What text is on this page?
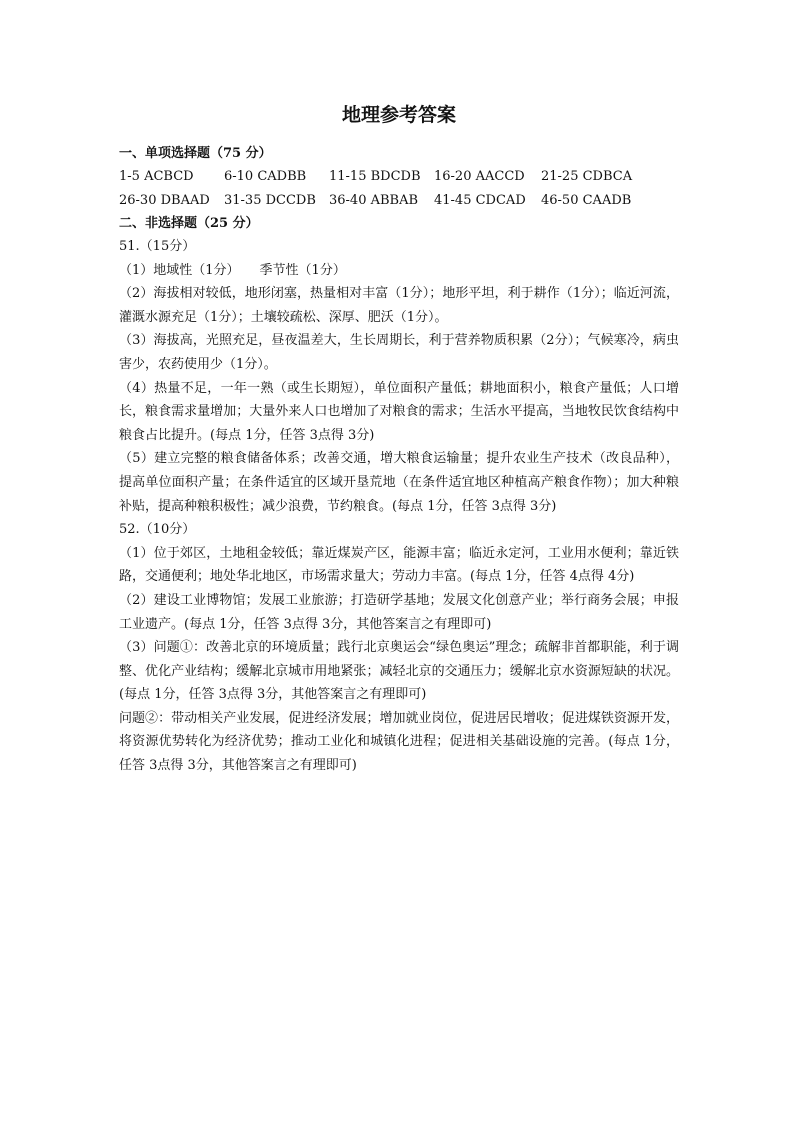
地理参考答案
一、单项选择题（75 分）
1-5 ACBCD	6-10 CADBB	11-15 BDCDB	16-20 AACCD	21-25 CDBCA
26-30 DBAAD	31-35 DCCDB	36-40 ABBAB	41-45 CDCAD	46-50 CAADB
二、非选择题（25 分）
51.（15分）
（1）地域性（1分） 季节性（1分）
（2）海拔相对较低，地形闭塞，热量相对丰富（1分）；地形平坦，利于耕作（1分）；临近河流，灌溉水源充足（1分）；土壤较疏松、深厚、肥沃（1分）。
（3）海拔高，光照充足，昼夜温差大，生长周期长，利于营养物质积累（2分）；气候寒冷，病虫害少，农药使用少（1分）。
（4）热量不足，一年一熟（或生长期短），单位面积产量低；耕地面积小，粮食产量低；人口增长，粮食需求量增加；大量外来人口也增加了对粮食的需求；生活水平提高，当地牧民饮食结构中粮食占比提升。(每点 1分，任答 3点得 3分)
（5）建立完整的粮食储备体系；改善交通，增大粮食运输量；提升农业生产技术（改良品种），提高单位面积产量；在条件适宜的区域开垦荒地（在条件适宜地区种植高产粮食作物）；加大种粮补贴，提高种粮积极性；减少浪费，节约粮食。(每点 1分，任答 3点得 3分)
52.（10分）
（1）位于郊区，土地租金较低；靠近煤炭产区，能源丰富；临近永定河，工业用水便利；靠近铁路，交通便利；地处华北地区，市场需求量大；劳动力丰富。(每点 1分，任答 4点得 4分)
（2）建设工业博物馆；发展工业旅游；打造研学基地；发展文化创意产业；举行商务会展；申报工业遗产。(每点 1分，任答 3点得 3分，其他答案言之有理即可)
（3）问题①：改善北京的环境质量；践行北京奥运会“绿色奥运”理念；疏解非首都职能，利于调整、优化产业结构；缓解北京城市用地紧张；减轻北京的交通压力；缓解北京水资源短缺的状况。(每点 1分，任答 3点得 3分，其他答案言之有理即可)
问题②：带动相关产业发展，促进经济发展；增加就业岗位，促进居民增收；促进煤铁资源开发，将资源优势转化为经济优势；推动工业化和城镇化进程；促进相关基础设施的完善。(每点 1分，任答 3点得 3分，其他答案言之有理即可)
